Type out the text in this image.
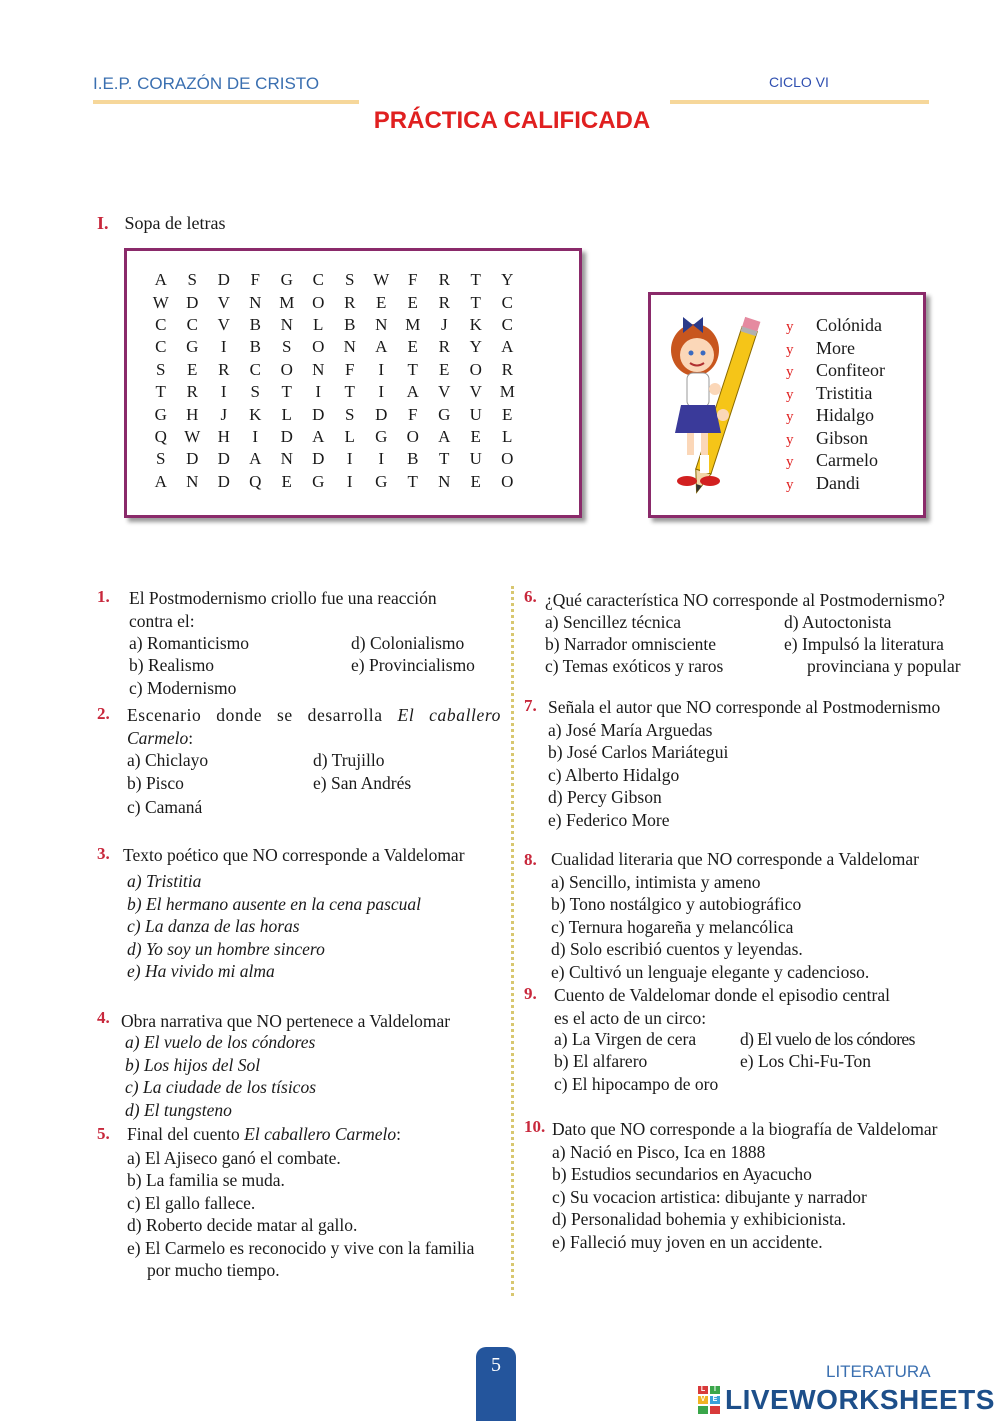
I.E.P. CORAZÓN DE CRISTO	CICLO VI
PRÁCTICA CALIFICADA
I. Sopa de letras
A	S	D	F	G	C	S	W	F	R	T	Y
W	D	V	N	M	O	R	E	E	R	T	C
C	C	V	B	N	L	B	N	M	J	K	C
C	G	I	B	S	O	N	A	E	R	Y	A
S	E	R	C	O	N	F	I	T	E	O	R
T	R	I	S	T	I	T	I	A	V	V	M
G	H	J	K	L	D	S	D	F	G	U	E
Q	W	H	I	D	A	L	G	O	A	E	L
S	D	D	A	N	D	I	I	B	T	U	O
A	N	D	Q	E	G	I	G	T	N	E	O
y Colónida
y More
y Confiteor
y Tristitia
y Hidalgo
y Gibson
y Carmelo
y Dandi
1. El Postmodernismo criollo fue una reacción
contra el:
a) Romanticismo
b) Realismo
c) Modernismo
d) Colonialismo
e) Provincialismo
2. Escenario donde se desarrolla El caballero
Carmelo:
a) Chiclayo
b) Pisco
c) Camaná
d) Trujillo
e) San Andrés
3. Texto poético que NO corresponde a Valdelomar
a) Tristitia
b) El hermano ausente en la cena pascual
c) La danza de las horas
d) Yo soy un hombre sincero
e) Ha vivido mi alma
4. Obra narrativa que NO pertenece a Valdelomar
a) El vuelo de los cóndores
b) Los hijos del Sol
c) La ciudade de los tísicos
d) El tungsteno
5. Final del cuento El caballero Carmelo:
a) El Ajiseco ganó el combate.
b) La familia se muda.
c) El gallo fallece.
d) Roberto decide matar al gallo.
e) El Carmelo es reconocido y vive con la familia
por mucho tiempo.
6. ¿Qué característica NO corresponde al Postmodernismo?
a) Sencillez técnica
b) Narrador omnisciente
c) Temas exóticos y raros
d) Autoctonista
e) Impulsó la literatura
provinciana y popular
7. Señala el autor que NO corresponde al Postmodernismo
a) José María Arguedas
b) José Carlos Mariátegui
c) Alberto Hidalgo
d) Percy Gibson
e) Federico More
8. Cualidad literaria que NO corresponde a Valdelomar
a) Sencillo, intimista y ameno
b) Tono nostálgico y autobiográfico
c) Ternura hogareña y melancólica
d) Solo escribió cuentos y leyendas.
e) Cultivó un lenguaje elegante y cadencioso.
9. Cuento de Valdelomar donde el episodio central
es el acto de un circo:
a) La Virgen de cera
b) El alfarero
c) El hipocampo de oro
d) El vuelo de los cóndores
e) Los Chi-Fu-Ton
10. Dato que NO corresponde a la biografía de Valdelomar
a) Nació en Pisco, Ica en 1888
b) Estudios secundarios en Ayacucho
c) Su vocacion artistica: dibujante y narrador
d) Personalidad bohemia y exhibicionista.
e) Falleció muy joven en un accidente.
5	LITERATURA
L	I
V	E LIVEWORKSHEETS
